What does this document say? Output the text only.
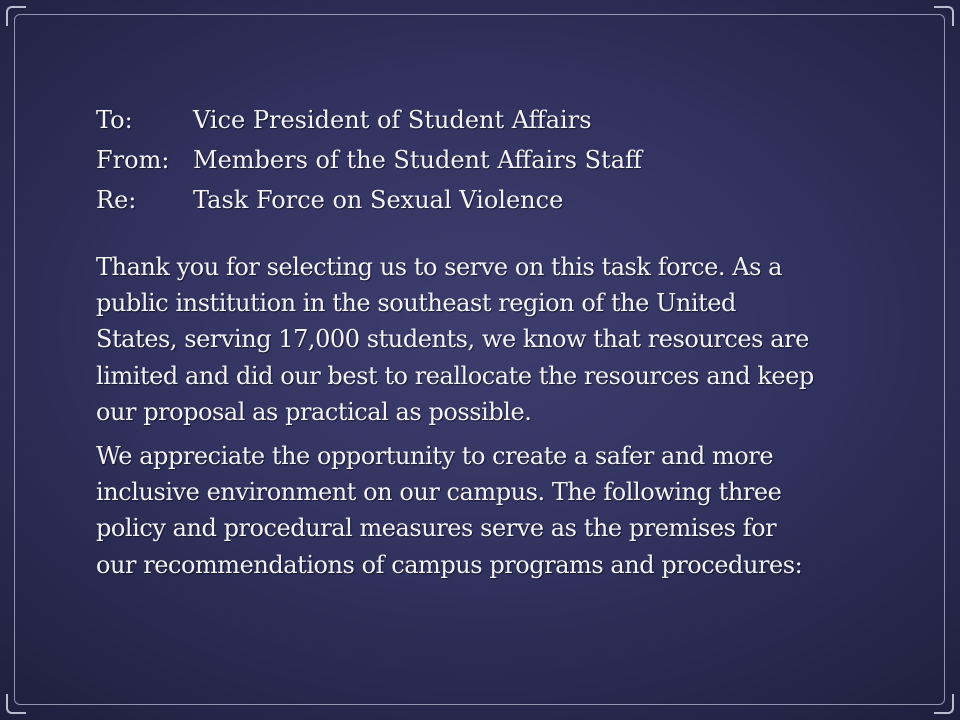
To:	Vice President of Student Affairs
From: Members of the Student Affairs Staff
Re:	Task Force on Sexual Violence
Thank you for selecting us to serve on this task force. As a
public institution in the southeast region of the United
States, serving 17,000 students, we know that resources are
limited and did our best to reallocate the resources and keep
our proposal as practical as possible.
We appreciate the opportunity to create a safer and more
inclusive environment on our campus. The following three
policy and procedural measures serve as the premises for
our recommendations of campus programs and procedures:
